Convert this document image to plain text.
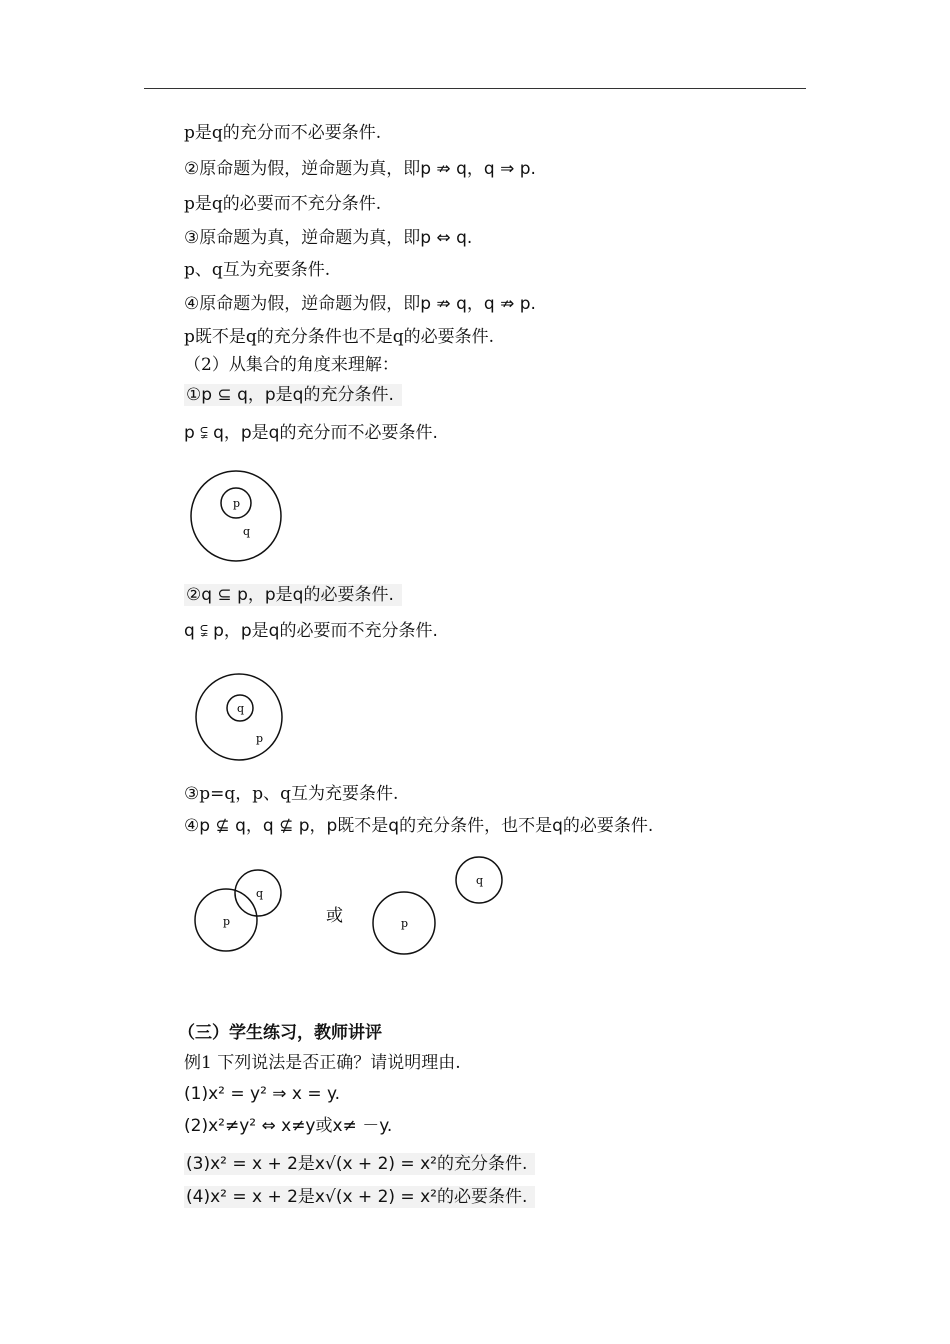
p是q的充分而不必要条件.
②原命题为假，逆命题为真，即p ⇏ q，q ⇒ p.
p是q的必要而不充分条件.
③原命题为真，逆命题为真，即p ⇔ q.
p、q互为充要条件.
④原命题为假，逆命题为假，即p ⇏ q，q ⇏ p.
p既不是q的充分条件也不是q的必要条件.
（2）从集合的角度来理解：
①p ⊆ q，p是q的充分条件.
p ⫋ q，p是q的充分而不必要条件.
p
q
②q ⊆ p，p是q的必要条件.
q ⫋ p，p是q的必要而不充分条件.
q
p
③p=q，p、q互为充要条件.
④p ⊈ q，q ⊈ p，p既不是q的充分条件，也不是q的必要条件.
p
q
或	p
q
（三）学生练习，教师讲评
例1 下列说法是否正确？请说明理由.
(1)x² = y² ⇒ x = y.
(2)x²≠y² ⇔ x≠y或x≠ －y.
(3)x² = x + 2是x√(x + 2) = x²的充分条件.
(4)x² = x + 2是x√(x + 2) = x²的必要条件.
